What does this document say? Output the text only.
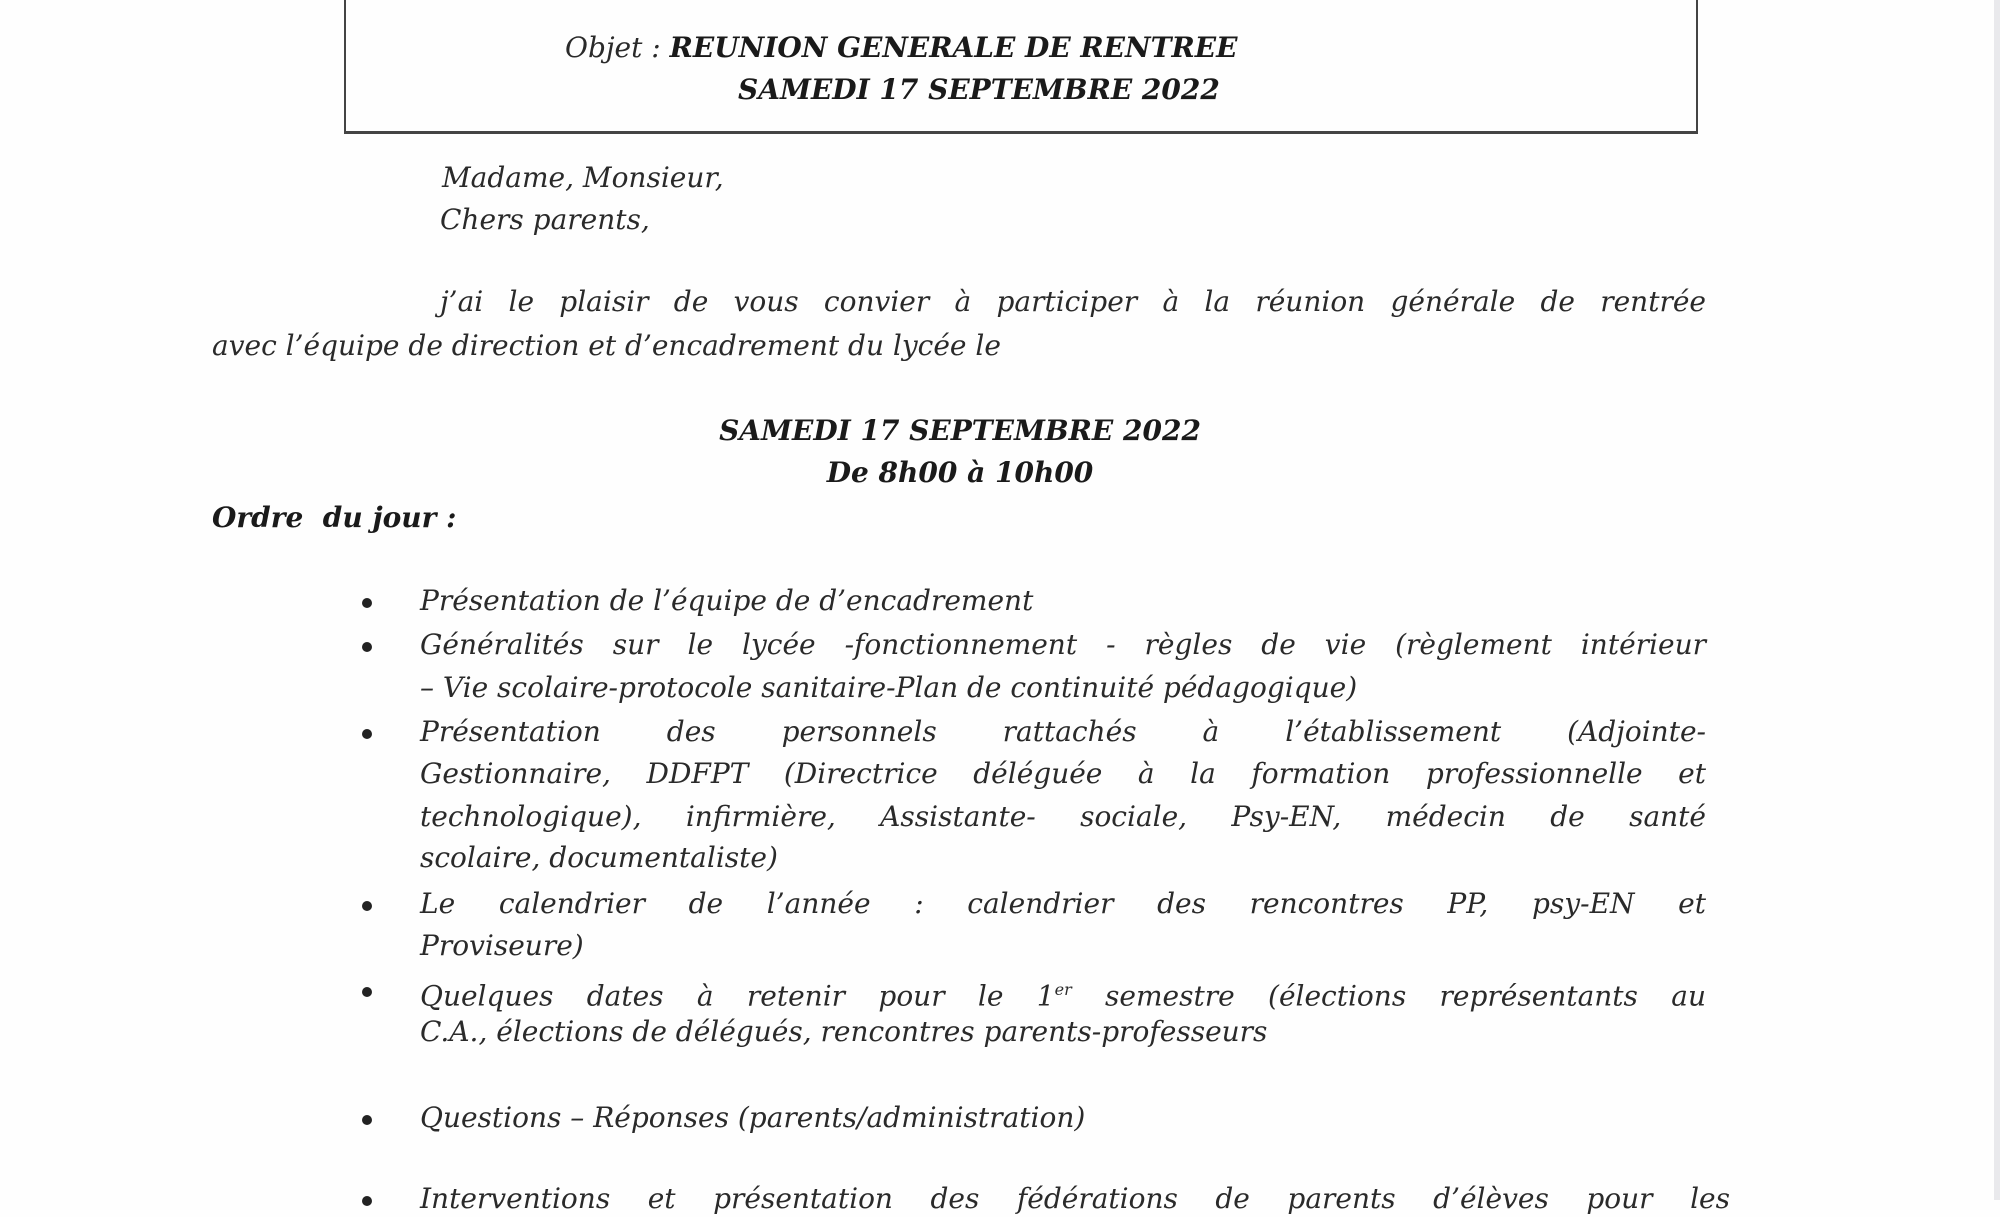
Objet : REUNION GENERALE DE RENTREE
SAMEDI 17 SEPTEMBRE 2022
Madame, Monsieur,
Chers parents,
j’ai le plaisir de vous convier à participer à la réunion générale de rentrée
avec l’équipe de direction et d’encadrement du lycée le
SAMEDI 17 SEPTEMBRE 2022
De 8h00 à 10h00
Ordre  du jour :
Présentation de l’équipe de d’encadrement
Généralités sur le lycée -fonctionnement - règles de vie (règlement intérieur
– Vie scolaire-protocole sanitaire-Plan de continuité pédagogique)
Présentation des personnels rattachés à l’établissement (Adjointe-
Gestionnaire, DDFPT (Directrice déléguée à la formation professionnelle et
technologique), infirmière, Assistante- sociale, Psy-EN, médecin de santé
scolaire, documentaliste)
Le calendrier de l’année : calendrier des rencontres PP, psy-EN et
Proviseure)
Quelques dates à retenir pour le 1er semestre (élections représentants au
C.A., élections de délégués, rencontres parents-professeurs
Questions – Réponses (parents/administration)
Interventions et présentation des fédérations de parents d’élèves pour les
